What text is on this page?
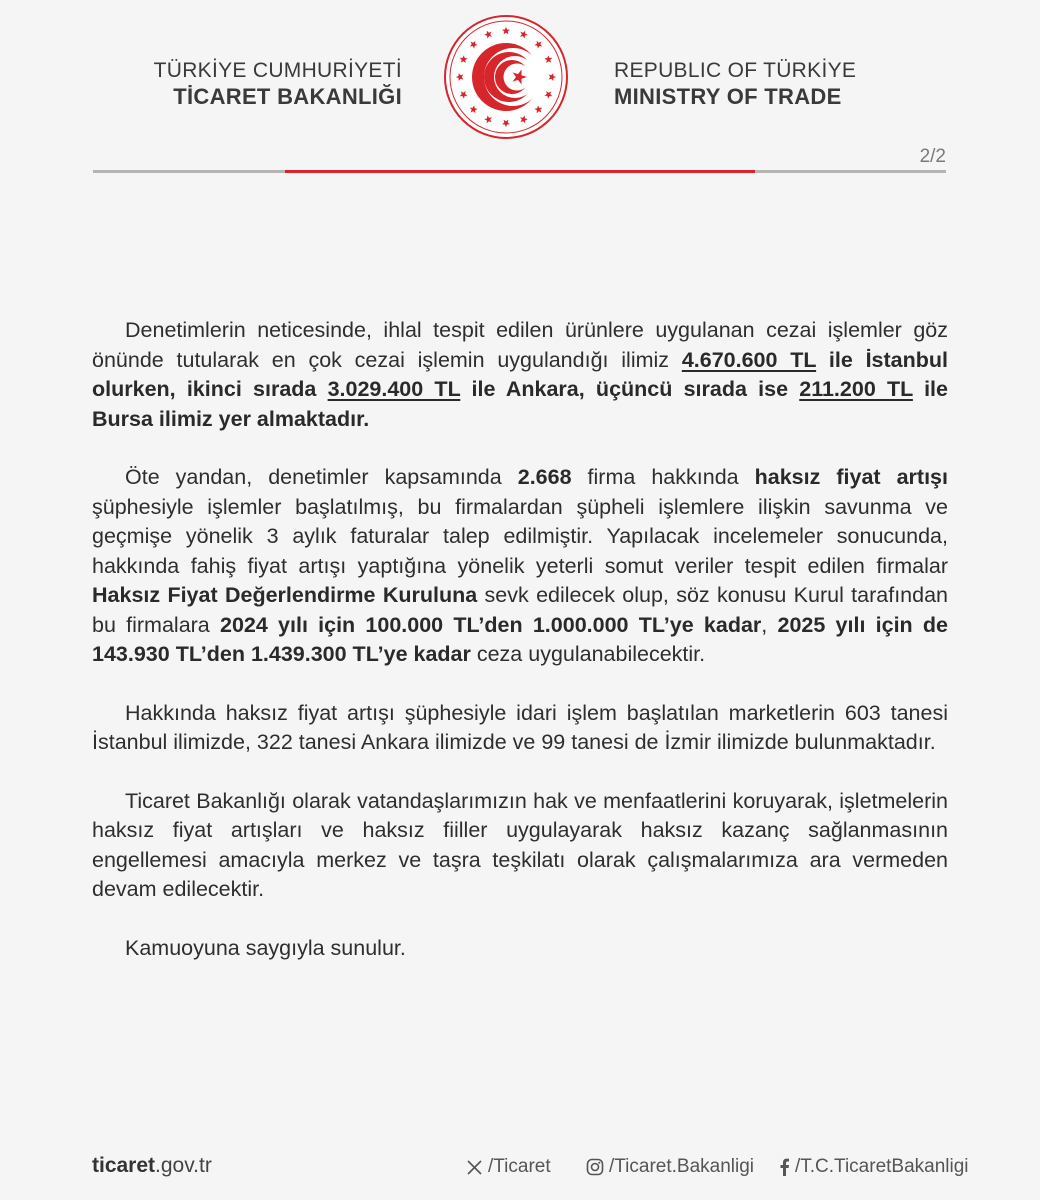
TÜRKİYE CUMHURİYETİ
TİCARET BAKANLIĞI
REPUBLIC OF TÜRKİYE
MINISTRY OF TRADE
2/2

Denetimlerin neticesinde, ihlal tespit edilen ürünlere uygulanan cezai işlemler göz önünde tutularak en çok cezai işlemin uygulandığı ilimiz 4.670.600 TL ile İstanbul olurken, ikinci sırada 3.029.400 TL ile Ankara, üçüncü sırada ise 211.200 TL ile Bursa ilimiz yer almaktadır.

Öte yandan, denetimler kapsamında 2.668 firma hakkında haksız fiyat artışı şüphesiyle işlemler başlatılmış, bu firmalardan şüpheli işlemlere ilişkin savunma ve geçmişe yönelik 3 aylık faturalar talep edilmiştir. Yapılacak incelemeler sonucunda, hakkında fahiş fiyat artışı yaptığına yönelik yeterli somut veriler tespit edilen firmalar Haksız Fiyat Değerlendirme Kuruluna sevk edilecek olup, söz konusu Kurul tarafından bu firmalara 2024 yılı için 100.000 TL’den 1.000.000 TL’ye kadar, 2025 yılı için de 143.930 TL’den 1.439.300 TL’ye kadar ceza uygulanabilecektir.

Hakkında haksız fiyat artışı şüphesiyle idari işlem başlatılan marketlerin 603 tanesi İstanbul ilimizde, 322 tanesi Ankara ilimizde ve 99 tanesi de İzmir ilimizde bulunmaktadır.

Ticaret Bakanlığı olarak vatandaşlarımızın hak ve menfaatlerini koruyarak, işletmelerin haksız fiyat artışları ve haksız fiiller uygulayarak haksız kazanç sağlanmasının engellemesi amacıyla merkez ve taşra teşkilatı olarak çalışmalarımıza ara vermeden devam edilecektir.

Kamuoyuna saygıyla sunulur.

ticaret.gov.tr	/Ticaret	/Ticaret.Bakanligi /T.C.TicaretBakanligi
